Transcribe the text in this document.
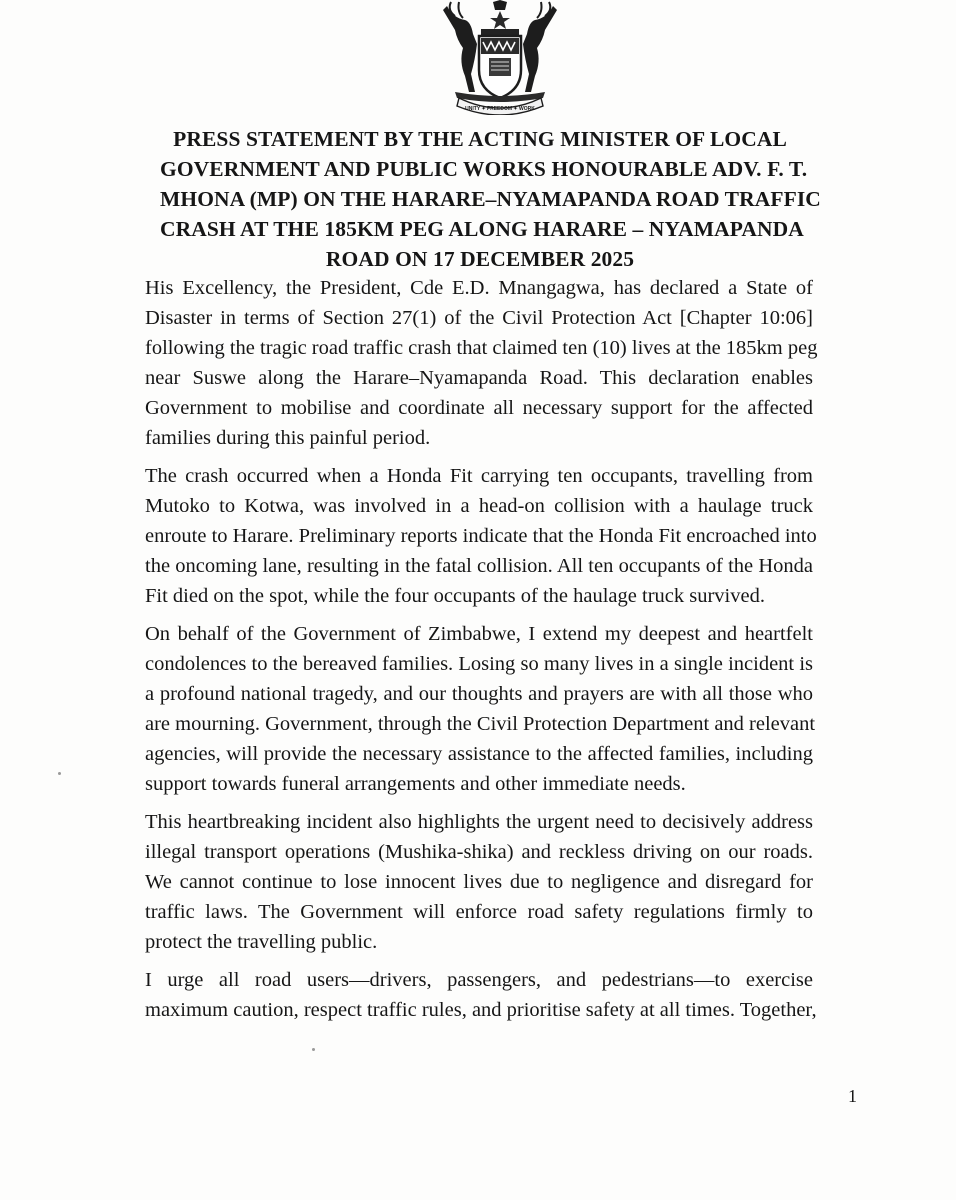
UNITY ✦ FREEDOM ✦ WORK
PRESS STATEMENT BY THE ACTING MINISTER OF LOCAL
GOVERNMENT AND PUBLIC WORKS HONOURABLE ADV. F. T.
MHONA (MP) ON THE HARARE–NYAMAPANDA ROAD TRAFFIC
CRASH AT THE 185KM PEG ALONG HARARE – NYAMAPANDA
ROAD ON 17 DECEMBER 2025
His Excellency, the President, Cde E.D. Mnangagwa, has declared a State of
Disaster in terms of Section 27(1) of the Civil Protection Act [Chapter 10:06]
following the tragic road traffic crash that claimed ten (10) lives at the 185km peg
near Suswe along the Harare–Nyamapanda Road. This declaration enables
Government to mobilise and coordinate all necessary support for the affected
families during this painful period.
The crash occurred when a Honda Fit carrying ten occupants, travelling from
Mutoko to Kotwa, was involved in a head-on collision with a haulage truck
enroute to Harare. Preliminary reports indicate that the Honda Fit encroached into
the oncoming lane, resulting in the fatal collision. All ten occupants of the Honda
Fit died on the spot, while the four occupants of the haulage truck survived.
On behalf of the Government of Zimbabwe, I extend my deepest and heartfelt
condolences to the bereaved families. Losing so many lives in a single incident is
a profound national tragedy, and our thoughts and prayers are with all those who
are mourning. Government, through the Civil Protection Department and relevant
agencies, will provide the necessary assistance to the affected families, including
support towards funeral arrangements and other immediate needs.
This heartbreaking incident also highlights the urgent need to decisively address
illegal transport operations (Mushika-shika) and reckless driving on our roads.
We cannot continue to lose innocent lives due to negligence and disregard for
traffic laws. The Government will enforce road safety regulations firmly to
protect the travelling public.
I urge all road users—drivers, passengers, and pedestrians—to exercise
maximum caution, respect traffic rules, and prioritise safety at all times. Together,
1
